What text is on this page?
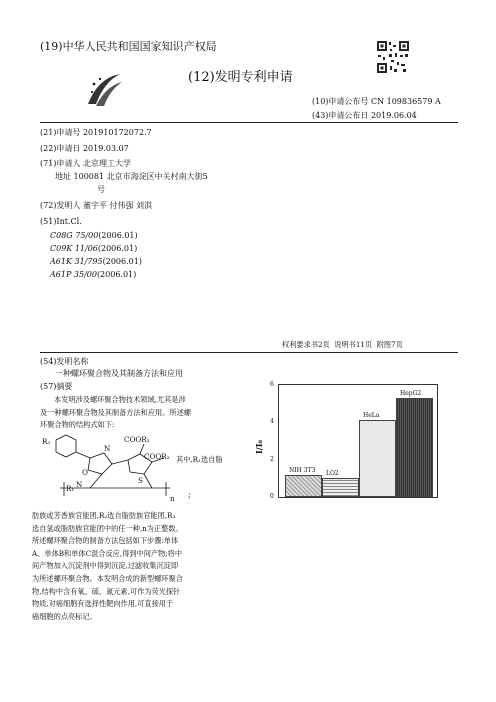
(19)中华人民共和国国家知识产权局
(12)发明专利申请
(10)申请公布号 CN 109836579 A
(43)申请公布日 2019.06.04
(21)申请号 201910172072.7
(22)申请日 2019.03.07
(71)申请人 北京理工大学
地址 100081 北京市海淀区中关村南大街5
号
(72)发明人 董宇平 付伟强 刘淇
(51)Int.Cl.
C08G 75/00(2006.01)
C09K 11/06(2006.01)
A61K 31/795(2006.01)
A61P 35/00(2006.01)
权利要求书2页  说明书11页  附图7页
(54)发明名称
一种螺环聚合物及其制备方法和应用
(57)摘要
本发明涉及螺环聚合物技术领域,尤其是涉
及一种螺环聚合物及其制备方法和应用。所述螺
环聚合物的结构式如下:
R₃
N
O
N	S
COOR₂
COOR₂
R₁
n
其中,R₁选自脂
;
肪族或芳香族官能团,R₂选自脂肪族官能团,R₃
选自氢或脂肪族官能团中的任一种,n为正整数。
所述螺环聚合物的制备方法包括如下步骤:单体
A、单体B和单体C混合反应,得到中间产物;将中
间产物加入沉淀剂中得到沉淀,过滤收集沉淀即
为所述螺环聚合物。本发明合成的新型螺环聚合
物,结构中含有氧、硫、氮元素,可作为荧光探针
物质,对癌细胞有选择性靶向作用,可直接用于
癌细胞的点亮标记。
I/I₀
NIH 3T3
LO2
HeLa
HepG2
0
2
4
6
